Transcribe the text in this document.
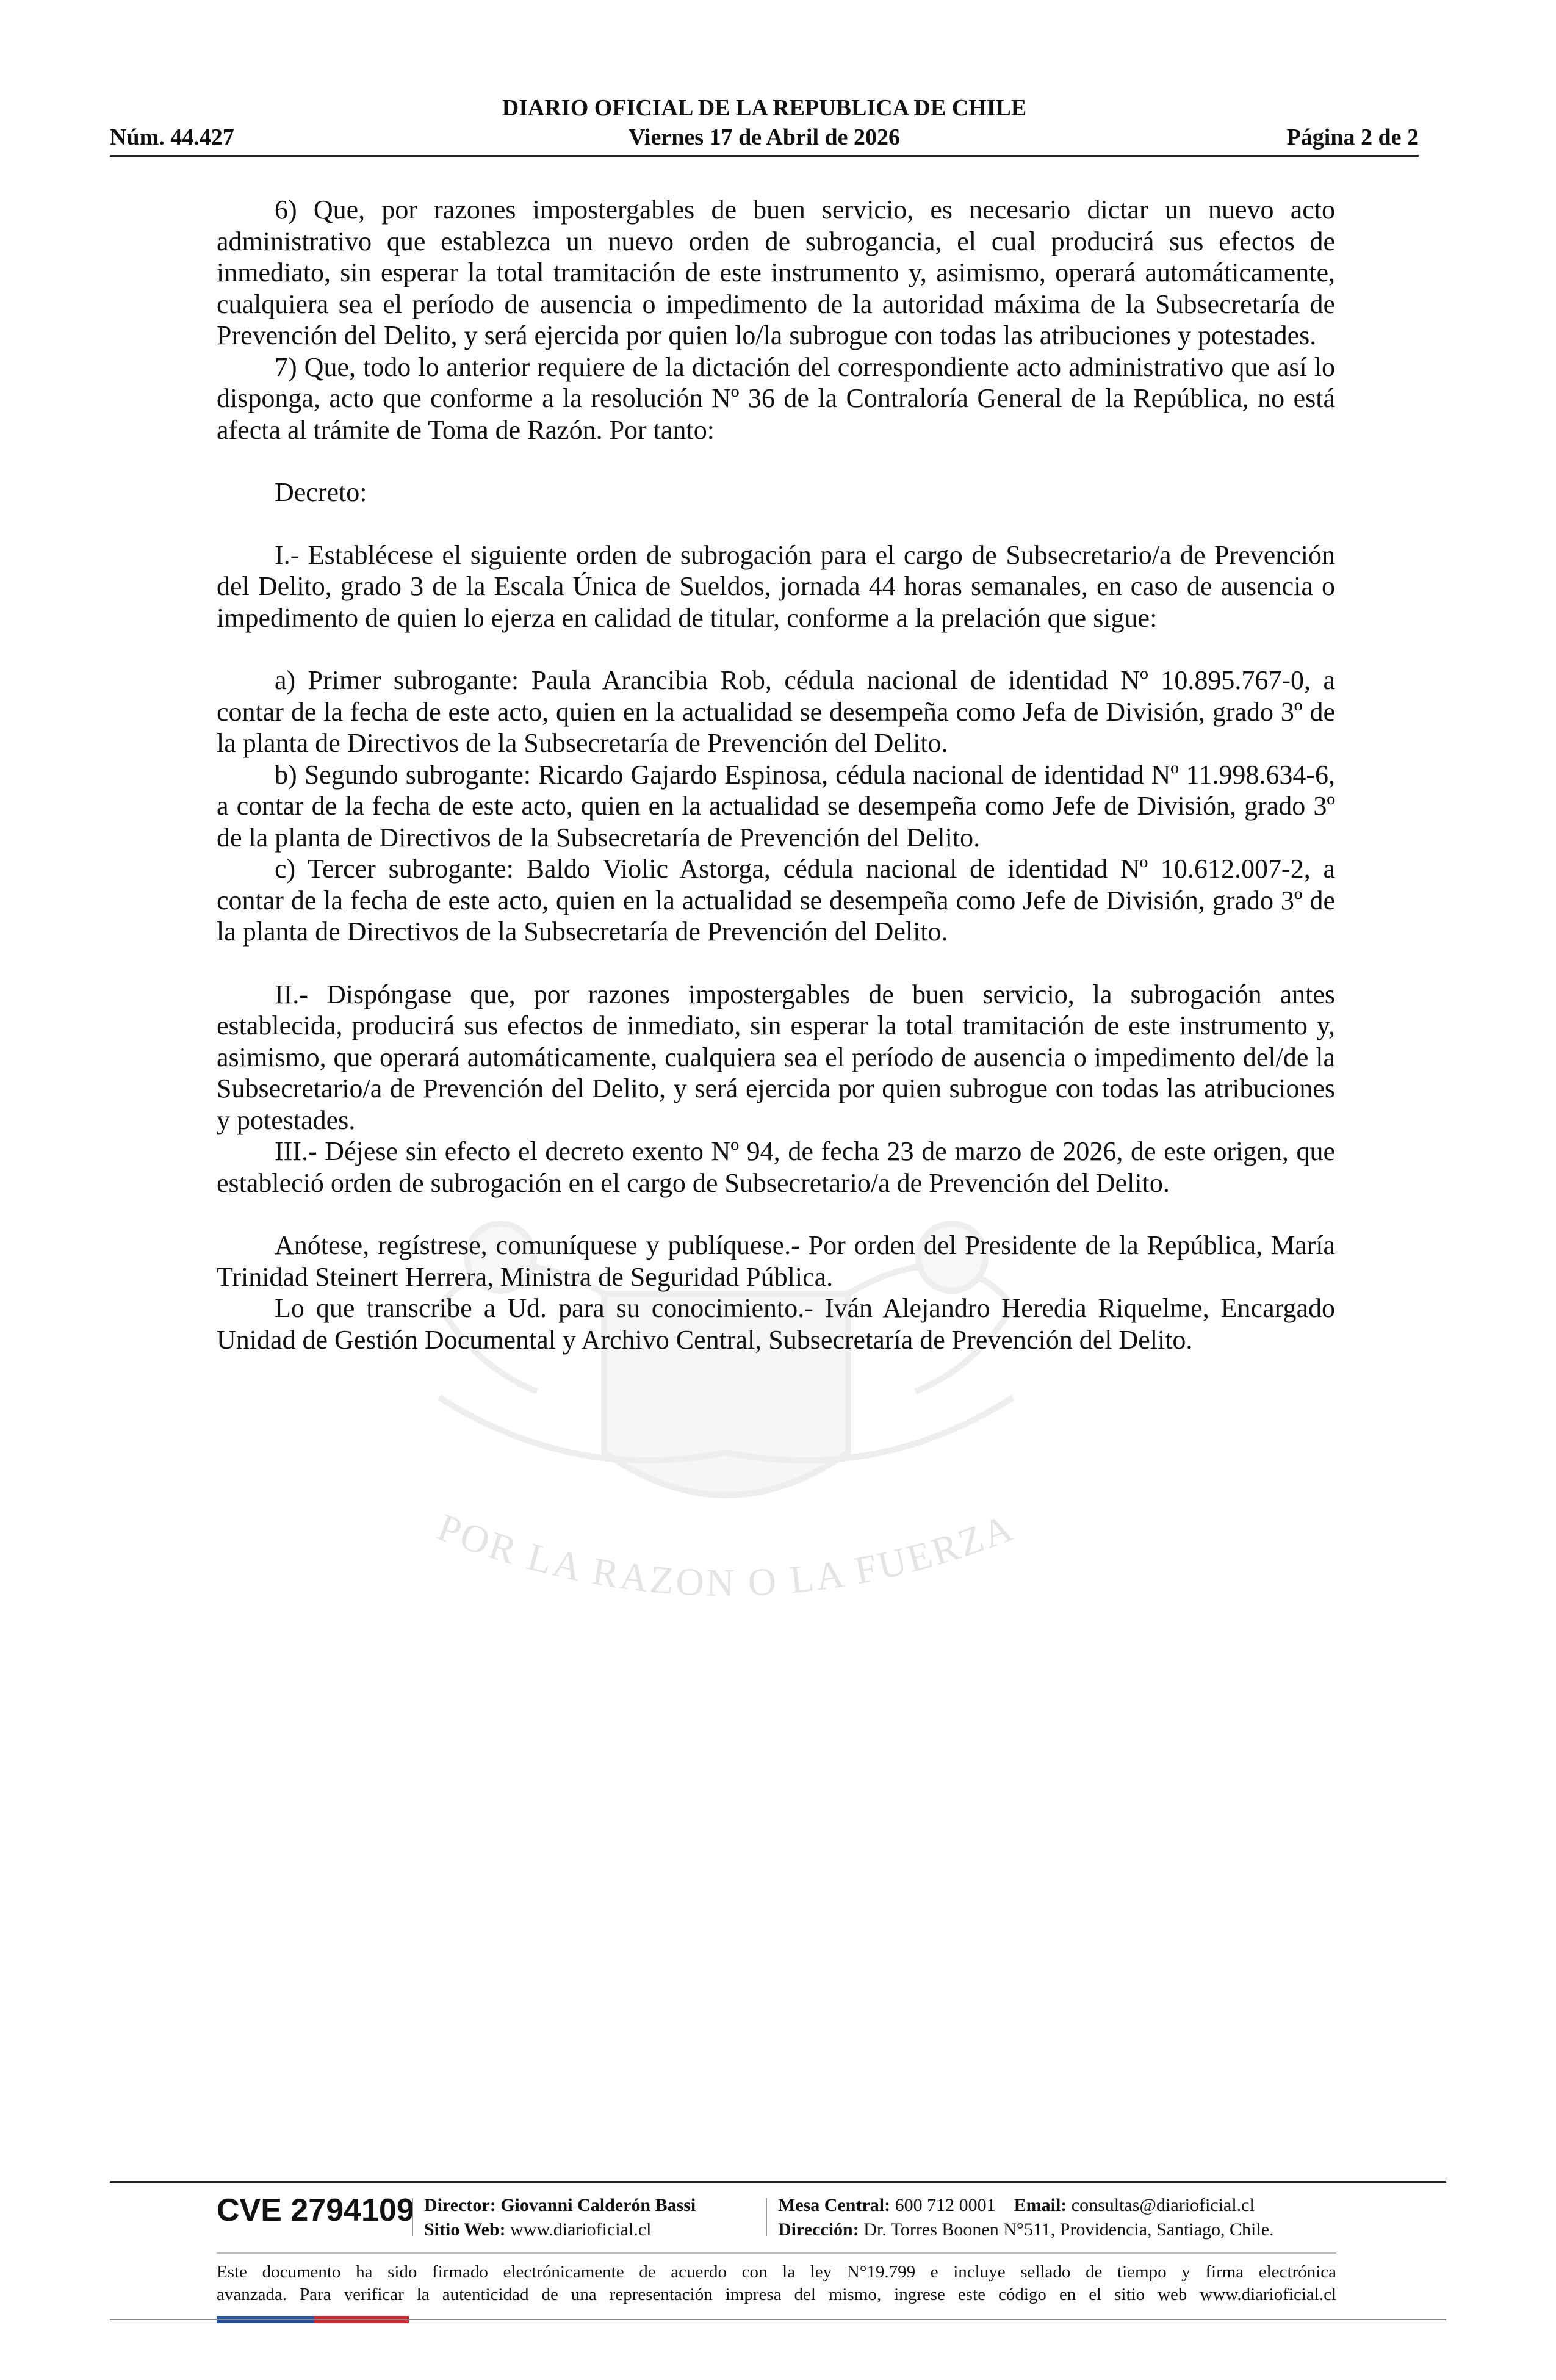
POR LA RAZON O LA FUERZA
DIARIO OFICIAL DE LA REPUBLICA DE CHILE
Núm. 44.427	Viernes 17 de Abril de 2026	Página 2 de 2

6) Que, por razones impostergables de buen servicio, es necesario dictar un nuevo acto administrativo que establezca un nuevo orden de subrogancia, el cual producirá sus efectos de inmediato, sin esperar la total tramitación de este instrumento y, asimismo, operará automáticamente, cualquiera sea el período de ausencia o impedimento de la autoridad máxima de la Subsecretaría de Prevención del Delito, y será ejercida por quien lo/la subrogue con todas las atribuciones y potestades.

7) Que, todo lo anterior requiere de la dictación del correspondiente acto administrativo que así lo disponga, acto que conforme a la resolución Nº 36 de la Contraloría General de la República, no está afecta al trámite de Toma de Razón. Por tanto:

Decreto:

I.- Establécese el siguiente orden de subrogación para el cargo de Subsecretario/a de Prevención del Delito, grado 3 de la Escala Única de Sueldos, jornada 44 horas semanales, en caso de ausencia o impedimento de quien lo ejerza en calidad de titular, conforme a la prelación que sigue:

a) Primer subrogante: Paula Arancibia Rob, cédula nacional de identidad Nº 10.895.767-0, a contar de la fecha de este acto, quien en la actualidad se desempeña como Jefa de División, grado 3º de la planta de Directivos de la Subsecretaría de Prevención del Delito.

b) Segundo subrogante: Ricardo Gajardo Espinosa, cédula nacional de identidad Nº 11.998.634-6, a contar de la fecha de este acto, quien en la actualidad se desempeña como Jefe de División, grado 3º de la planta de Directivos de la Subsecretaría de Prevención del Delito.

c) Tercer subrogante: Baldo Violic Astorga, cédula nacional de identidad Nº 10.612.007-2, a contar de la fecha de este acto, quien en la actualidad se desempeña como Jefe de División, grado 3º de la planta de Directivos de la Subsecretaría de Prevención del Delito.

II.- Dispóngase que, por razones impostergables de buen servicio, la subrogación antes establecida, producirá sus efectos de inmediato, sin esperar la total tramitación de este instrumento y, asimismo, que operará automáticamente, cualquiera sea el período de ausencia o impedimento del/de la Subsecretario/a de Prevención del Delito, y será ejercida por quien subrogue con todas las atribuciones y potestades.

III.- Déjese sin efecto el decreto exento Nº 94, de fecha 23 de marzo de 2026, de este origen, que estableció orden de subrogación en el cargo de Subsecretario/a de Prevención del Delito.

Anótese, regístrese, comuníquese y publíquese.- Por orden del Presidente de la República, María Trinidad Steinert Herrera, Ministra de Seguridad Pública.

Lo que transcribe a Ud. para su conocimiento.- Iván Alejandro Heredia Riquelme, Encargado Unidad de Gestión Documental y Archivo Central, Subsecretaría de Prevención del Delito.

CVE 2794109 Director: Giovanni Calderón Bassi
Sitio Web: www.diarioficial.cl
Mesa Central: 600 712 0001 Email: consultas@diarioficial.cl
Dirección: Dr. Torres Boonen N°511, Providencia, Santiago, Chile.
Este documento ha sido firmado electrónicamente de acuerdo con la ley N°19.799 e incluye sellado de tiempo y firma electrónica
avanzada. Para verificar la autenticidad de una representación impresa del mismo, ingrese este código en el sitio web www.diarioficial.cl
